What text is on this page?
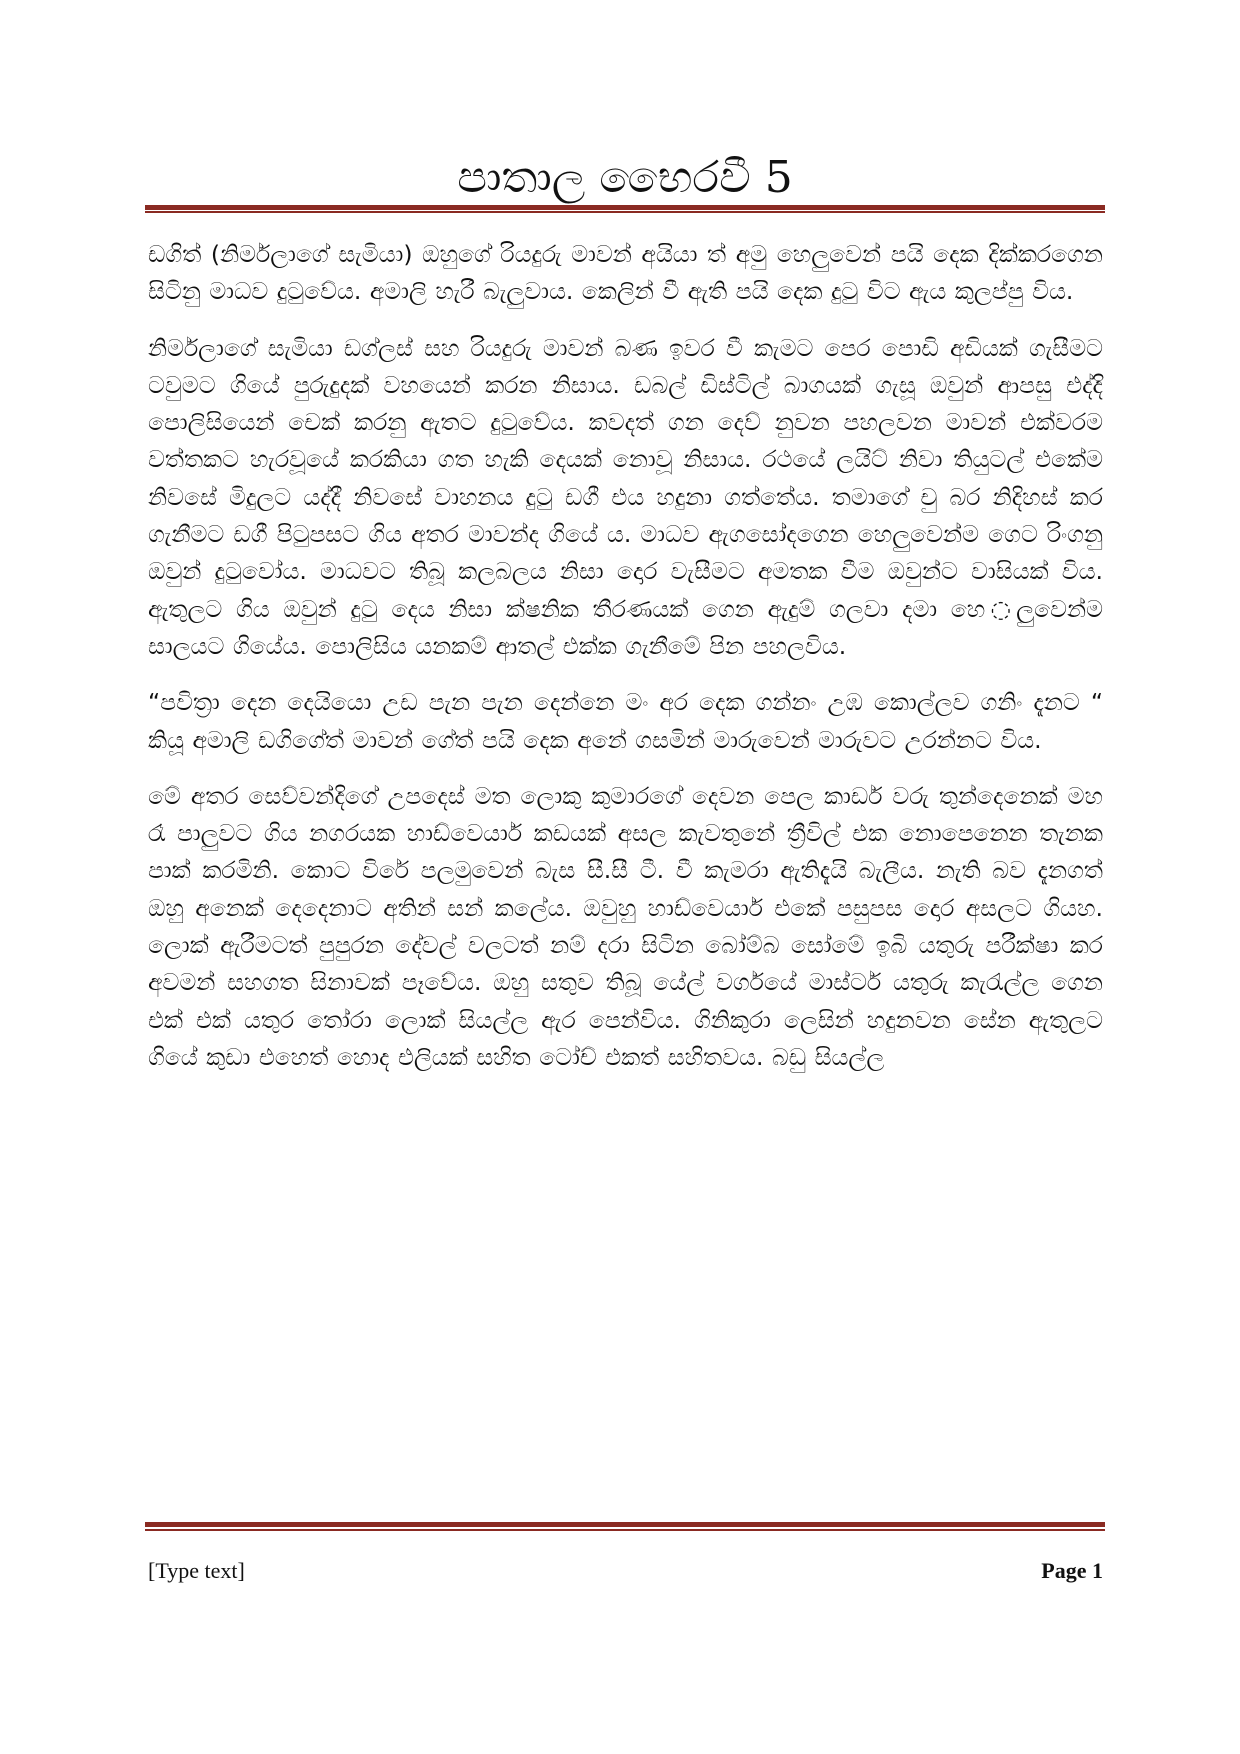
පාතාල භෛරවී 5

ඩගිත් (නිර්මලාගේ සැමියා) ඔහුගේ රියදුරු මාවන් අයියා ත් අමු හෙලුවෙන් පයි දෙක දික්කරගෙන සිටිනු මාධව දුටුවේය. අමාලි හැරී බැලුවාය. කෙලින් වී ඇති පයි දෙක දුටු විට ඇය කුලප්පු විය.

නිර්මලාගේ සැමියා ඩග්ලස් සහ රියදුරු මාවන් බණ ඉවර වී කැමට පෙර පොඩි අඩියක් ගැසීමට ටවුමට ගියේ පුරුදුදක් වහයෙන් කරන නිසාය. ඩබල් ඩිස්ටිල් බාගයක් ගැසූ ඔවුන් ආපසු එද්දි පොලිසියෙන් චෙක් කරනු ඇතට දුටුවේය. කවදත් ගන දෙව් නුවන පහලවන මාවන් එක්වරම වත්තකට හැරවූයේ කරකියා ගත හැකි දෙයක් නොවූ නිසාය. රථයේ ලයිට් නිවා තියුටල් එකේම නිවසේ මිදුලට යද්දී නිවසේ වාහනය දුටු ඩගී එය හදුනා ගත්තේය. තමාගේ චු බර නිදිහස් කර ගැනීමට ඩගී පිටුපසට ගිය අතර මාවන්ද ගියේ ය. මාධව ඇගසෝදගෙන හෙලුවෙන්ම ගෙට රිංගනු ඔවුන් දුටුවෝය. මාධවට තිබූ කලබලය නිසා දොර වැසීමට අමතක වීම ඔවුන්ට වාසියක් විය. ඇතුලට ගිය ඔවුන් දුටු දෙය නිසා ක්ෂනික තීරණයක් ගෙන ඇදුම් ගලවා දමා හෙ◌ලුවෙන්ම සාලයට ගියේය. පොලිසිය යනකම් ආතල් එක්ක ගැනීමේ පින පහලවිය.

“පවිත්‍රා දෙන දෙයියො උඩ පැන පැන දෙන්නෙ මං අර දෙක ගන්නං උඹ කොල්ලව ගනිං දැනට “ කියූ අමාලි ඩගිගේත් මාවන් ගේත් පයි දෙක අනේ ගසමින් මාරුවෙන් මාරුවට උරන්නට විය.

මේ අතර සෙව්වන්දිගේ උපදෙස් මත ලොකු කුමාරගේ දෙවන පෙල කාඩර් වරු තුන්දෙනෙක් මහ රෑ පාලුවට ගිය නගරයක හාඩ්වෙයාර් කඩයක් අසල කැවතුනේ ත්‍රීවිල් එක නොපෙනෙන තැනක පාක් කරමිනි. කොට විරේ පලමුවෙන් බැස සී.සී ටී. වී කැමරා ඇතිදැයි බැලීය. නැති බව දැනගත් ඔහු අනෙක් දෙදෙනාට අතින් සන් කලේය. ඔවුහු හාඩ්වෙයාර් එකේ පසුපස දොර අසලට ගියහ. ලොක් ඇරීමටත් පුපුරන දේවල් වලටත් නම් දරා සිටින බෝම්බ සෝමේ ඉබි යතුරු පරීක්ෂා කර අවමන් සහගත සිනාවක් පෑවේය. ඔහු සතුව තිබූ යේල් වර්ගයේ මාස්ටර් යතුරු කැරැල්ල ගෙන එක් එක් යතුර තෝරා ලොක් සියල්ල ඇර පෙන්විය. ගිනිකුරා ලෙසින් හදුනවන සේන ඇතුලට ගියේ කුඩා එහෙත් හොද එලියක් සහිත ටෝච් එකත් සහිතවය. බඩු සියල්ල

[Type text]	Page 1
